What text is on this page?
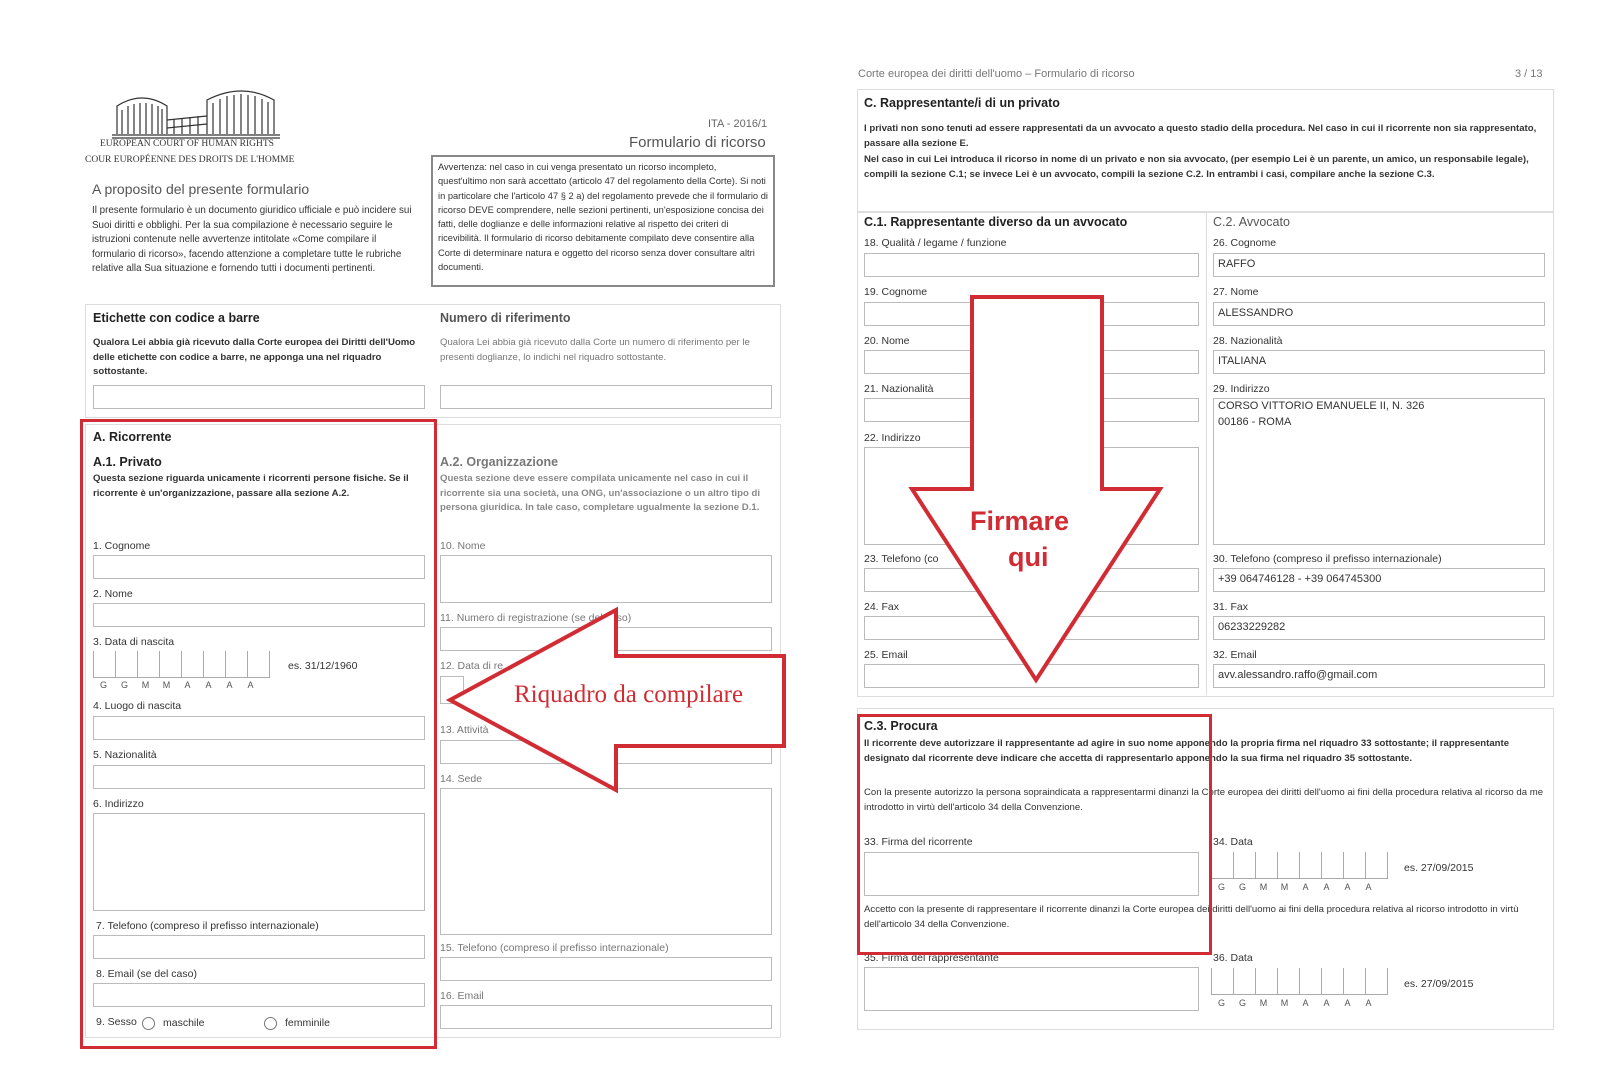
EUROPEAN COURT OF HUMAN RIGHTS
COUR EUROPÉENNE DES DROITS DE L'HOMME
ITA - 2016/1
Formulario di ricorso
A proposito del presente formulario
Il presente formulario è un documento giuridico ufficiale e può incidere sui Suoi diritti e obblighi. Per la sua compilazione è necessario seguire le istruzioni contenute nelle avvertenze intitolate «Come compilare il formulario di ricorso», facendo attenzione a completare tutte le rubriche relative alla Sua situazione e fornendo tutti i documenti pertinenti.
Avvertenza: nel caso in cui venga presentato un ricorso incompleto, quest'ultimo non sarà accettato (articolo 47 del regolamento della Corte). Si noti in particolare che l'articolo 47 § 2 a) del regolamento prevede che il formulario di ricorso DEVE comprendere, nelle sezioni pertinenti, un'esposizione concisa dei fatti, delle doglianze e delle informazioni relative al rispetto dei criteri di ricevibilità. Il formulario di ricorso debitamente compilato deve consentire alla Corte di determinare natura e oggetto del ricorso senza dover consultare altri documenti.
Etichette con codice a barre
Qualora Lei abbia già ricevuto dalla Corte europea dei Diritti dell'Uomo delle etichette con codice a barre, ne apponga una nel riquadro sottostante.
Numero di riferimento
Qualora Lei abbia già ricevuto dalla Corte un numero di riferimento per le presenti doglianze, lo indichi nel riquadro sottostante.
A. Ricorrente
A.1. Privato
Questa sezione riguarda unicamente i ricorrenti persone fisiche. Se il ricorrente è un'organizzazione, passare alla sezione A.2.
A.2. Organizzazione
Questa sezione deve essere compilata unicamente nel caso in cui il ricorrente sia una società, una ONG, un'associazione o un altro tipo di persona giuridica. In tale caso, completare ugualmente la sezione D.1.
1. Cognome
2. Nome
3. Data di nascita
G	G	M	M	A	A	A	A
es. 31/12/1960
4. Luogo di nascita
5. Nazionalità
6. Indirizzo
7. Telefono (compreso il prefisso internazionale)
8. Email (se del caso)
9. Sesso maschile	femminile
10. Nome
11. Numero di registrazione (se del caso)
12. Data di re
13. Attività
14. Sede
15. Telefono (compreso il prefisso internazionale)
16. Email
Riquadro da compilare
Corte europea dei diritti dell'uomo – Formulario di ricorso	3 / 13
C. Rappresentante/i di un privato
I privati non sono tenuti ad essere rappresentati da un avvocato a questo stadio della procedura. Nel caso in cui il ricorrente non sia rappresentato, passare alla sezione E.
Nel caso in cui Lei introduca il ricorso in nome di un privato e non sia avvocato, (per esempio Lei è un parente, un amico, un responsabile legale), compili la sezione C.1; se invece Lei è un avvocato, compili la sezione C.2. In entrambi i casi, compilare anche la sezione C.3.
C.1. Rappresentante diverso da un avvocato	C.2. Avvocato
18. Qualità / legame / funzione
19. Cognome
20. Nome
21. Nazionalità
22. Indirizzo
23. Telefono (co
24. Fax
25. Email
26. Cognome
RAFFO
27. Nome
ALESSANDRO
28. Nazionalità
ITALIANA
29. Indirizzo
CORSO VITTORIO EMANUELE II, N. 326
00186 - ROMA
30. Telefono (compreso il prefisso internazionale)
+39 064746128 - +39 064745300
31. Fax
06233229282
32. Email
avv.alessandro.raffo@gmail.com
C.3. Procura
Il ricorrente deve autorizzare il rappresentante ad agire in suo nome apponendo la propria firma nel riquadro 33 sottostante; il rappresentante designato dal ricorrente deve indicare che accetta di rappresentarlo apponendo la sua firma nel riquadro 35 sottostante.
Con la presente autorizzo la persona sopraindicata a rappresentarmi dinanzi la Corte europea dei diritti dell'uomo ai fini della procedura relativa al ricorso da me introdotto in virtù dell'articolo 34 della Convenzione.
33. Firma del ricorrente	34. Data
G	G	M	M	A	A	A	A
es. 27/09/2015
Accetto con la presente di rappresentare il ricorrente dinanzi la Corte europea dei diritti dell'uomo ai fini della procedura relativa al ricorso introdotto in virtù dell'articolo 34 della Convenzione.
35. Firma del rappresentante	36. Data
G	G	M	M	A	A	A	A
es. 27/09/2015
Firmare
qui
